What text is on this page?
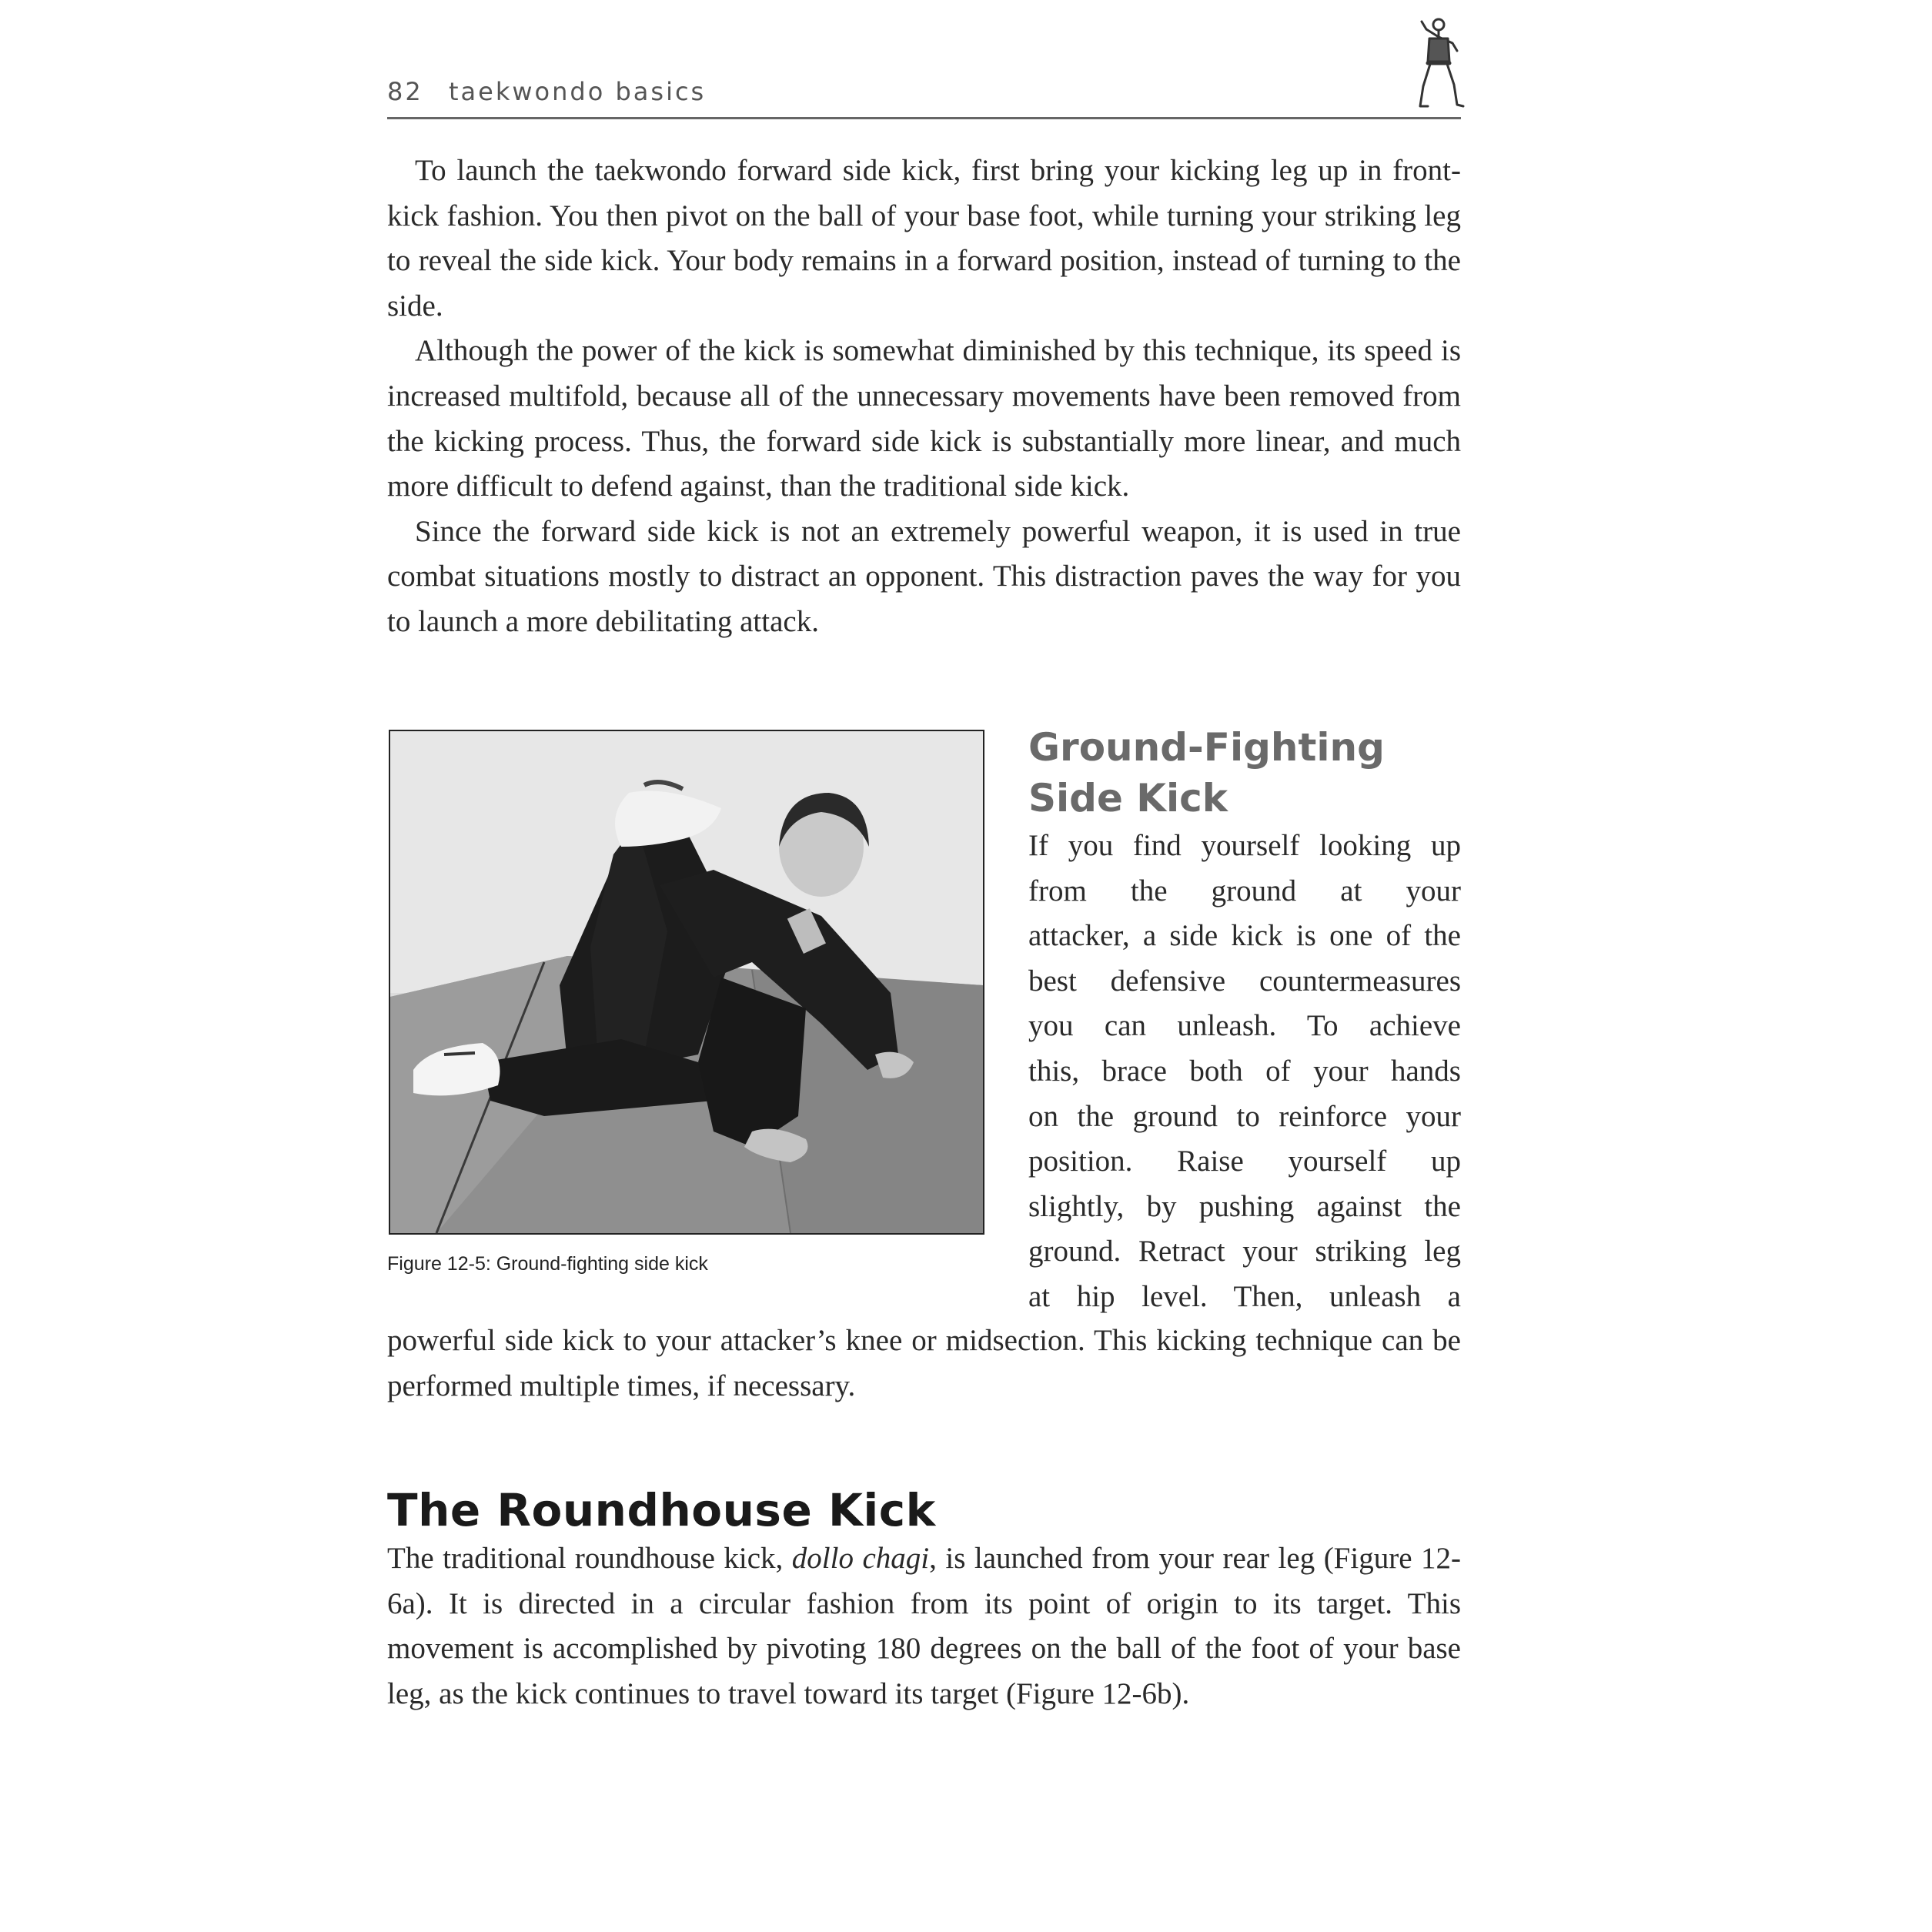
82 taekwondo basics

To launch the taekwondo forward side kick, first bring your kicking leg up in front-kick fashion. You then pivot on the ball of your base foot, while turning your striking leg to reveal the side kick. Your body remains in a forward position, instead of turning to the side.

Although the power of the kick is somewhat diminished by this technique, its speed is increased multifold, because all of the unnecessary movements have been removed from the kicking process. Thus, the forward side kick is substantially more linear, and much more difficult to defend against, than the traditional side kick.

Since the forward side kick is not an extremely powerful weapon, it is used in true combat situations mostly to distract an opponent. This distraction paves the way for you to launch a more debilitating attack.

Figure 12-5: Ground-fighting side kick
Ground-Fighting Side Kick

If you find yourself looking up

from the ground at your

attacker, a side kick is one of the

best defensive countermeasures

you can unleash. To achieve

this, brace both of your hands

on the ground to reinforce your

position. Raise yourself up

slightly, by pushing against the

ground. Retract your striking leg

at hip level. Then, unleash a

powerful side kick to your attacker’s knee or midsection. This kicking technique can be performed multiple times, if necessary.

The Roundhouse Kick

The traditional roundhouse kick, dollo chagi, is launched from your rear leg (Figure 12-6a). It is directed in a circular fashion from its point of origin to its target. This movement is accomplished by pivoting 180 degrees on the ball of the foot of your base leg, as the kick continues to travel toward its target (Figure 12-6b).
